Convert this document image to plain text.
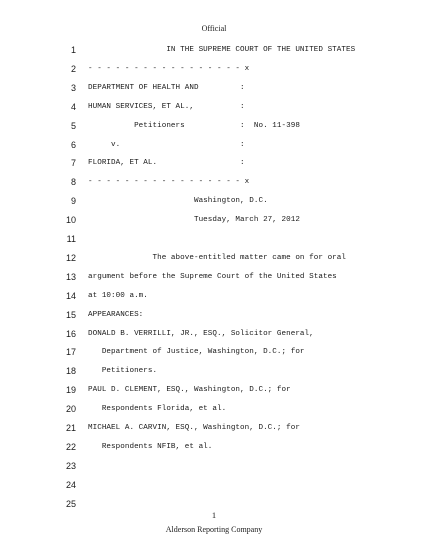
Official
1 IN THE SUPREME COURT OF THE UNITED STATES
2 - - - - - - - - - - - - - - - - - x
3 DEPARTMENT OF HEALTH AND         :
4 HUMAN SERVICES, ET AL.,          :
5 Petitioners            :  No. 11-398
6 v.                          :
7 FLORIDA, ET AL.                  :
8 - - - - - - - - - - - - - - - - - x
9 Washington, D.C.
10 Tuesday, March 27, 2012
11
12 The above-entitled matter came on for oral
13 argument before the Supreme Court of the United States
14 at 10:00 a.m.
15 APPEARANCES:
16 DONALD B. VERRILLI, JR., ESQ., Solicitor General,
17 Department of Justice, Washington, D.C.; for
18 Petitioners.
19 PAUL D. CLEMENT, ESQ., Washington, D.C.; for
20 Respondents Florida, et al.
21 MICHAEL A. CARVIN, ESQ., Washington, D.C.; for
22 Respondents NFIB, et al.
23
24
25
1
Alderson Reporting Company
